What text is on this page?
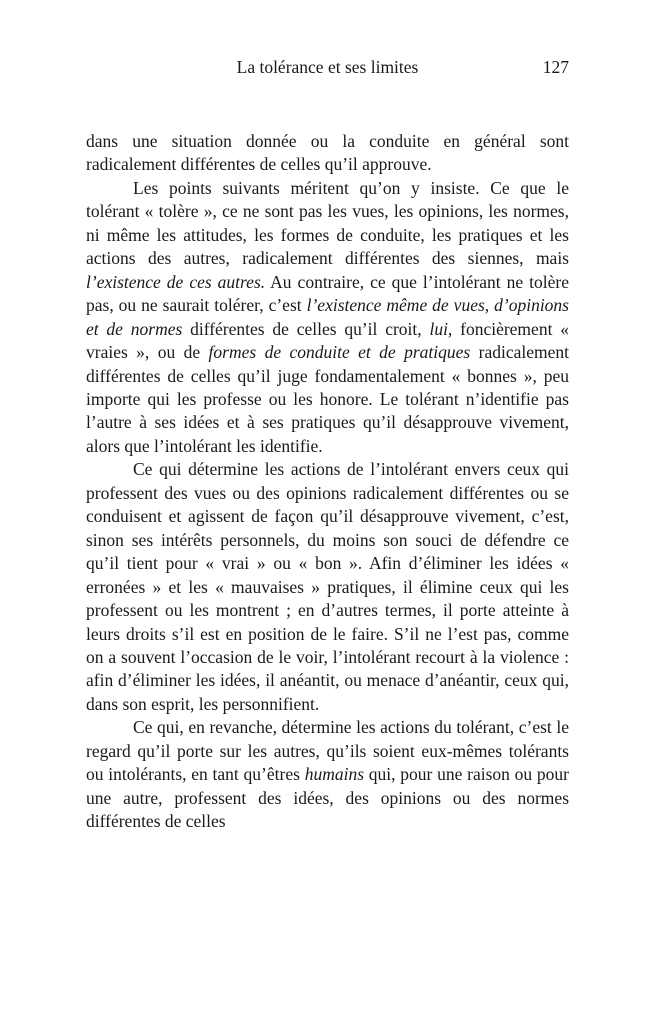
La tolérance et ses limites	127

dans une situation donnée ou la conduite en général sont radicalement différentes de celles qu’il approuve.

Les points suivants méritent qu’on y insiste. Ce que le tolérant « tolère », ce ne sont pas les vues, les opinions, les normes, ni même les attitudes, les formes de conduite, les pratiques et les actions des autres, radicalement différentes des siennes, mais l’existence de ces autres. Au contraire, ce que l’intolérant ne tolère pas, ou ne saurait tolérer, c’est l’existence même de vues, d’opinions et de normes différentes de celles qu’il croit, lui, foncièrement « vraies », ou de formes de conduite et de pratiques radicalement différentes de celles qu’il juge fondamentalement « bonnes », peu importe qui les professe ou les honore. Le tolérant n’identifie pas l’autre à ses idées et à ses pratiques qu’il désapprouve vivement, alors que l’intolérant les identifie.

Ce qui détermine les actions de l’intolérant envers ceux qui professent des vues ou des opinions radicalement différentes ou se conduisent et agissent de façon qu’il désapprouve vivement, c’est, sinon ses intérêts personnels, du moins son souci de défendre ce qu’il tient pour « vrai » ou « bon ». Afin d’éliminer les idées « erronées » et les « mauvaises » pratiques, il élimine ceux qui les professent ou les montrent ; en d’autres termes, il porte atteinte à leurs droits s’il est en position de le faire. S’il ne l’est pas, comme on a souvent l’occasion de le voir, l’intolérant recourt à la violence : afin d’éliminer les idées, il anéantit, ou menace d’anéantir, ceux qui, dans son esprit, les personnifient.

Ce qui, en revanche, détermine les actions du tolérant, c’est le regard qu’il porte sur les autres, qu’ils soient eux-mêmes tolérants ou intolérants, en tant qu’êtres humains qui, pour une raison ou pour une autre, professent des idées, des opinions ou des normes différentes de celles
